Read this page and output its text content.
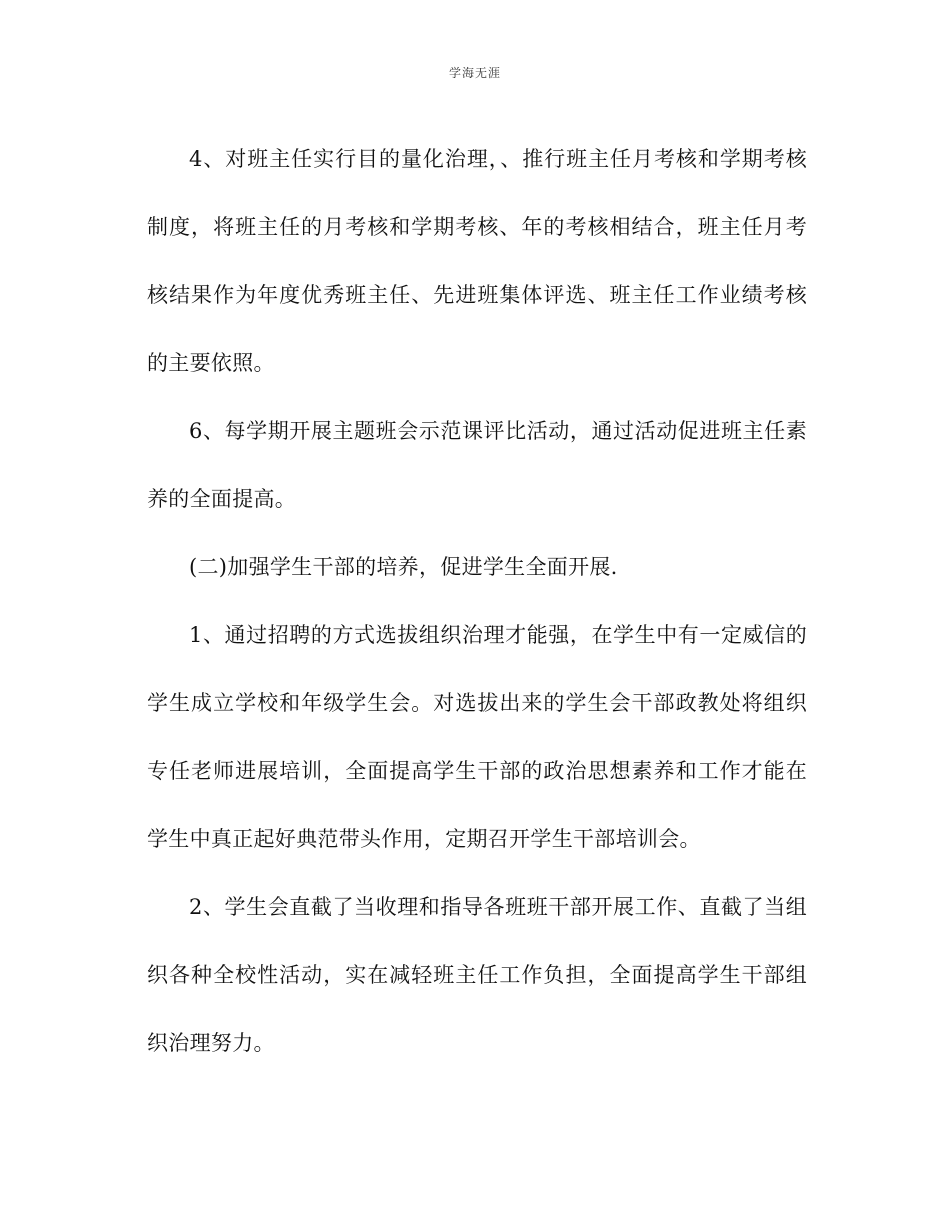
学海无涯

4、对班主任实行目的量化治理，、推行班主任月考核和学期考核制度，将班主任的月考核和学期考核、年的考核相结合，班主任月考核结果作为年度优秀班主任、先进班集体评选、班主任工作业绩考核的主要依照。

6、每学期开展主题班会示范课评比活动，通过活动促进班主任素养的全面提高。

(二)加强学生干部的培养，促进学生全面开展.

1、通过招聘的方式选拔组织治理才能强，在学生中有一定威信的学生成立学校和年级学生会。对选拔出来的学生会干部政教处将组织专任老师进展培训，全面提高学生干部的政治思想素养和工作才能在学生中真正起好典范带头作用，定期召开学生干部培训会。

2、学生会直截了当收理和指导各班班干部开展工作、直截了当组织各种全校性活动，实在减轻班主任工作负担，全面提高学生干部组织治理努力。
